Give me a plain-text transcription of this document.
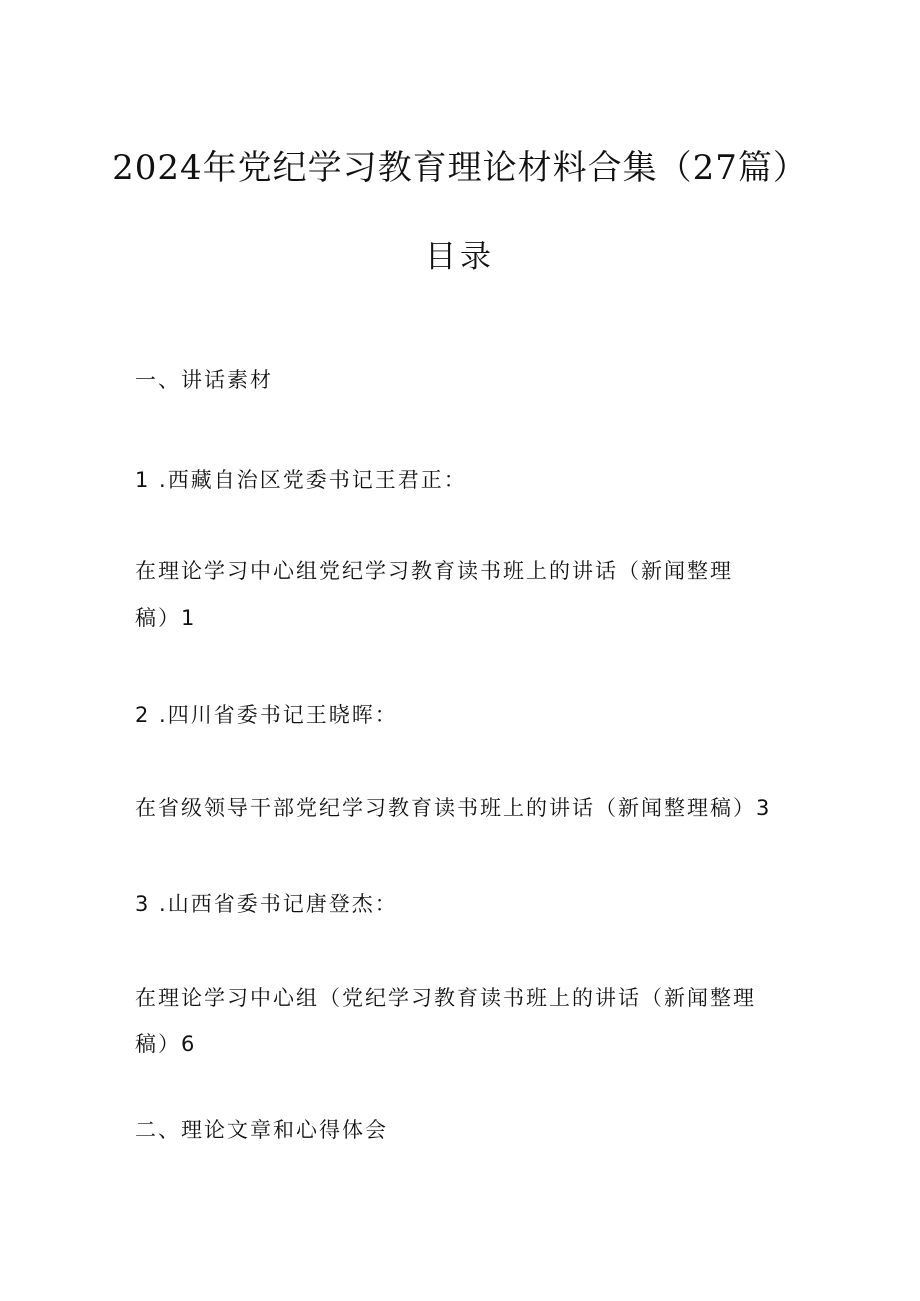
2024年党纪学习教育理论材料合集（27篇）
目录
一、讲话素材
1 .西藏自治区党委书记王君正：
在理论学习中心组党纪学习教育读书班上的讲话（新闻整理
稿）1
2 .四川省委书记王晓晖：
在省级领导干部党纪学习教育读书班上的讲话（新闻整理稿）3
3 .山西省委书记唐登杰：
在理论学习中心组（党纪学习教育读书班上的讲话（新闻整理
稿）6
二、理论文章和心得体会
